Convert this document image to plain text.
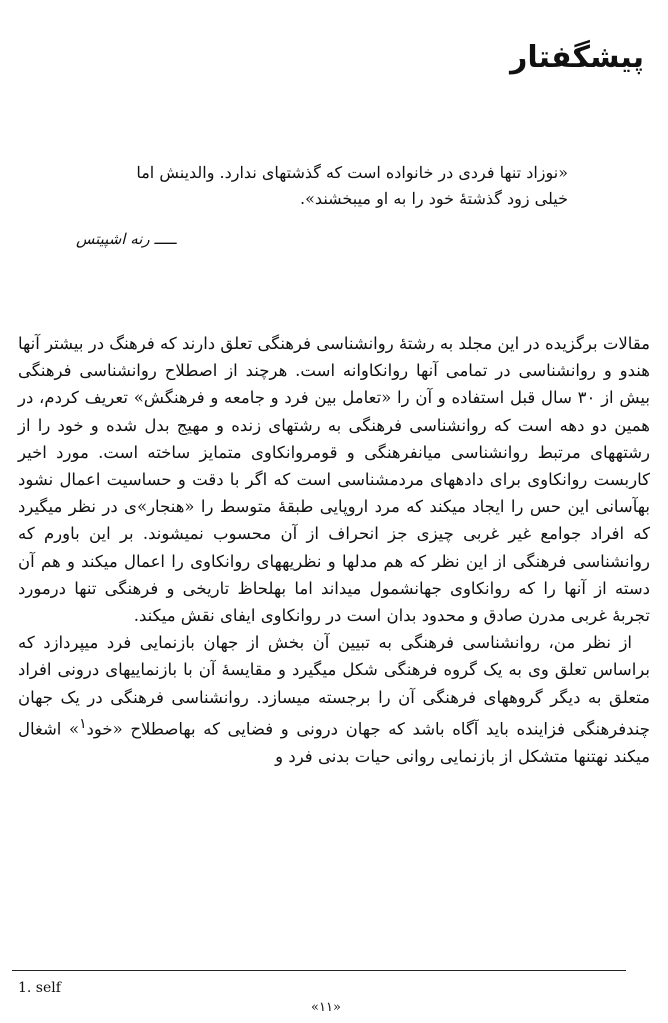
پیشگفتار
«نوزاد تنها فردی در خانواده است که گذشتهای ندارد. والدینش اما
خیلی زود گذشتهٔ خود را به او میبخشند».
ـــــ رنه اشپیتس

مقالات برگزیده در این مجلد به رشتهٔ روانشناسی فرهنگی تعلق دارند که فرهنگ در بیشتر آنها هندو و روانشناسی در تمامی آنها روانکاوانه است. هرچند از اصطلاح روانشناسی فرهنگی بیش از ۳۰ سال قبل استفاده و آن را «تعامل بین فرد و جامعه و فرهنگش» تعریف کردم، در همین دو دهه است که روانشناسی فرهنگی به رشتهای زنده و مهیج بدل شده و خود را از رشتههای مرتبط روانشناسی میانفرهنگی و قومروانکاوی متمایز ساخته است. مورد اخیر کاربست روانکاوی برای دادههای مردمشناسی است که اگر با دقت و حساسیت اعمال نشود بهآسانی این حس را ایجاد میکند که مرد اروپایی طبقهٔ متوسط را «هنجار»ی در نظر میگیرد که افراد جوامع غیر غربی چیزی جز انحراف از آن محسوب نمیشوند. بر این باورم که روانشناسی فرهنگی از این نظر که هم مدلها و نظریههای روانکاوی را اعمال میکند و هم آن دسته از آنها را که روانکاوی جهانشمول میداند اما بهلحاظ تاریخی و فرهنگی تنها درمورد تجربهٔ غربی مدرن صادق و محدود بدان است در روانکاوی ایفای نقش میکند.

از نظر من، روانشناسی فرهنگی به تبیین آن بخش از جهان بازنمایی فرد میپردازد که براساس تعلق وی به یک گروه فرهنگی شکل میگیرد و مقایسهٔ آن با بازنماییهای درونی افراد متعلق به دیگر گروههای فرهنگی آن را برجسته میسازد. روانشناسی فرهنگی در یک جهان چندفرهنگی فزاینده باید آگاه باشد که جهان درونی و فضایی که بهاصطلاح «خود$^۱$» اشغال میکند نهتنها متشکل از بازنمایی روانی حیات بدنی فرد و

1. self
«۱۱»
